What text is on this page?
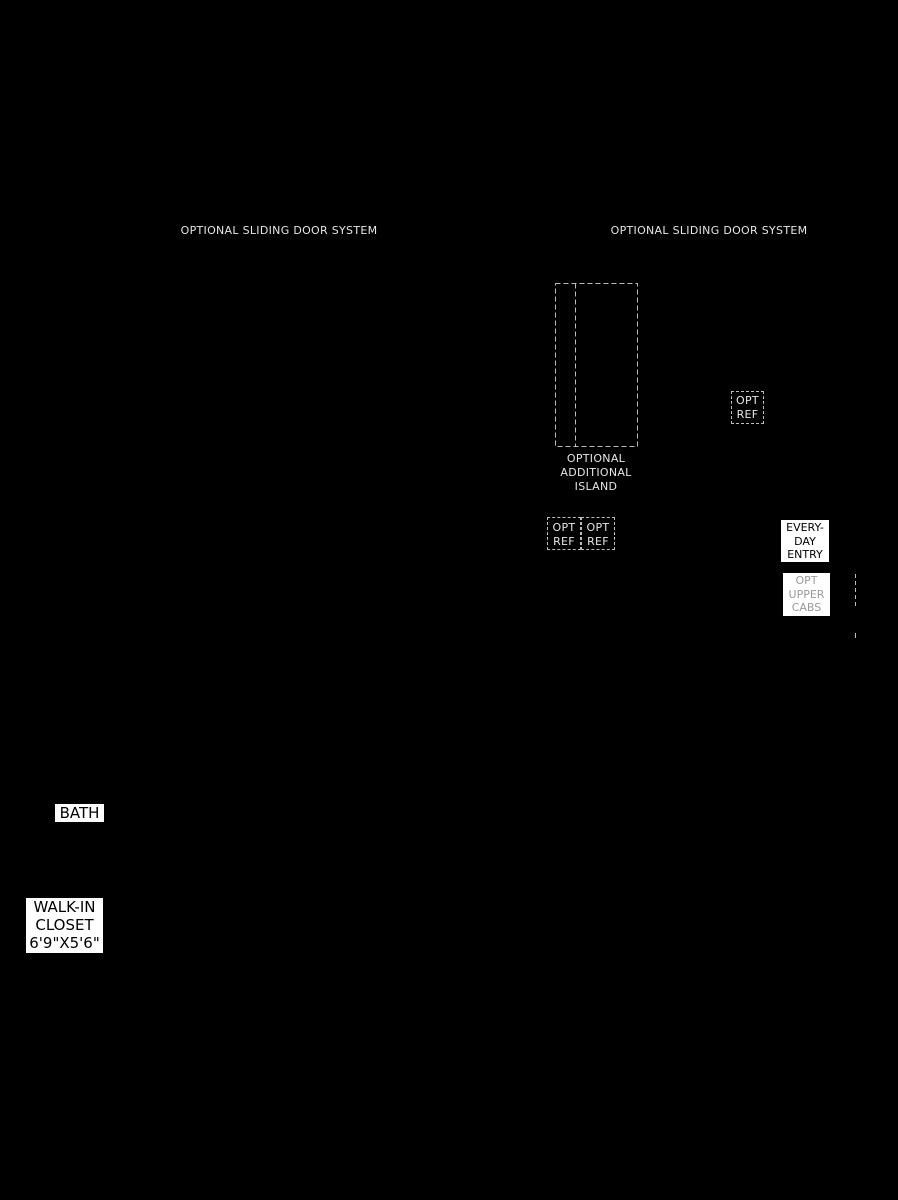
OPTIONAL SLIDING DOOR SYSTEM	OPTIONAL SLIDING DOOR SYSTEM
OPTIONAL
ADDITIONAL
ISLAND
OPT
REF
OPT
REF
OPT
REF
EVERY-
DAY
ENTRY
OPT
UPPER
CABS
BATH
WALK-IN
CLOSET
6'9"X5'6"
